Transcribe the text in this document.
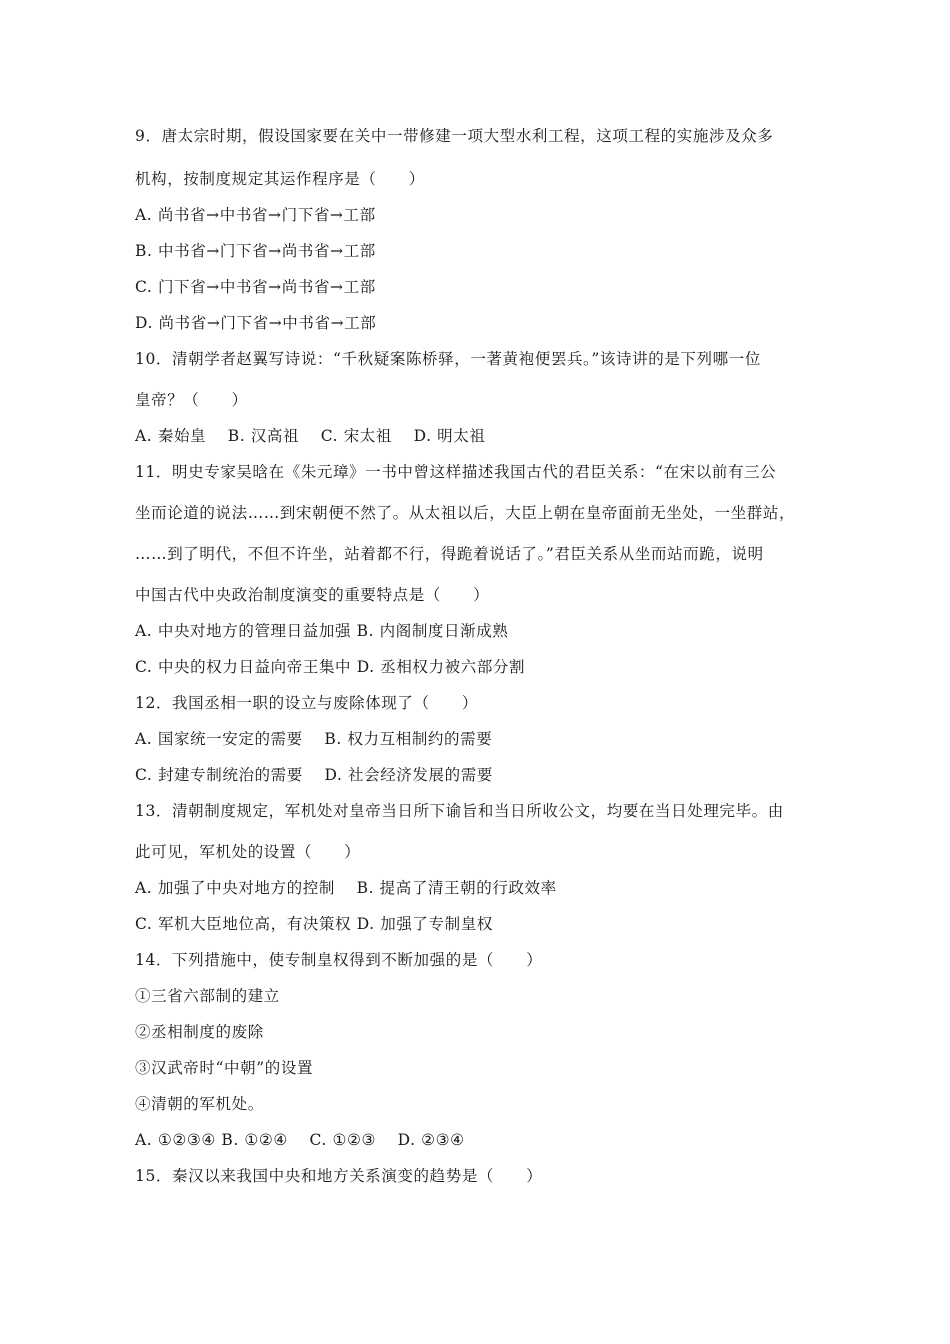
9．唐太宗时期，假设国家要在关中一带修建一项大型水利工程，这项工程的实施涉及众多
机构，按制度规定其运作程序是（　　）
A. 尚书省→中书省→门下省→工部
B. 中书省→门下省→尚书省→工部
C. 门下省→中书省→尚书省→工部
D. 尚书省→门下省→中书省→工部
10．清朝学者赵翼写诗说：“千秋疑案陈桥驿，一著黄袍便罢兵。”该诗讲的是下列哪一位
皇帝？（　　）
A. 秦始皇　 B. 汉高祖　 C. 宋太祖　 D. 明太祖
11．明史专家吴晗在《朱元璋》一书中曾这样描述我国古代的君臣关系：“在宋以前有三公
坐而论道的说法……到宋朝便不然了。从太祖以后，大臣上朝在皇帝面前无坐处，一坐群站，
……到了明代，不但不许坐，站着都不行，得跪着说话了。”君臣关系从坐而站而跪，说明
中国古代中央政治制度演变的重要特点是（　　）
A. 中央对地方的管理日益加强 B. 内阁制度日渐成熟
C. 中央的权力日益向帝王集中 D. 丞相权力被六部分割
12．我国丞相一职的设立与废除体现了（　　）
A. 国家统一安定的需要　 B. 权力互相制约的需要
C. 封建专制统治的需要　 D. 社会经济发展的需要
13．清朝制度规定，军机处对皇帝当日所下谕旨和当日所收公文，均要在当日处理完毕。由
此可见，军机处的设置（　　）
A. 加强了中央对地方的控制　 B. 提高了清王朝的行政效率
C. 军机大臣地位高，有决策权 D. 加强了专制皇权
14．下列措施中，使专制皇权得到不断加强的是（　　）
①三省六部制的建立
②丞相制度的废除
③汉武帝时“中朝”的设置
④清朝的军机处。
A. ①②③④ B. ①②④　 C. ①②③　 D. ②③④
15．秦汉以来我国中央和地方关系演变的趋势是（　　）
